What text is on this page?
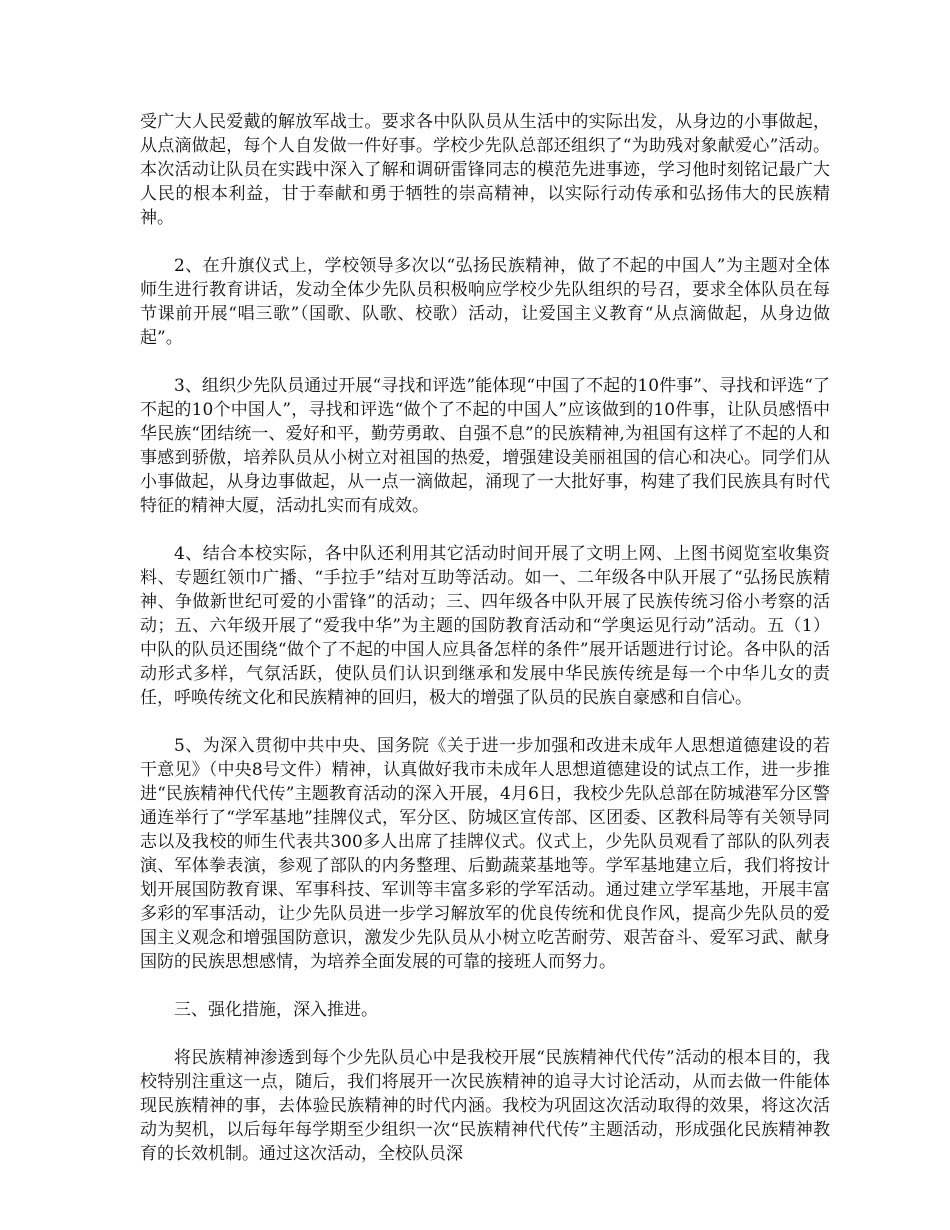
受广大人民爱戴的解放军战士。要求各中队队员从生活中的实际出发，从身边的小事做起，从点滴做起，每个人自发做一件好事。学校少先队总部还组织了“为助残对象献爱心”活动。本次活动让队员在实践中深入了解和调研雷锋同志的模范先进事迹，学习他时刻铭记最广大人民的根本利益，甘于奉献和勇于牺牲的崇高精神，以实际行动传承和弘扬伟大的民族精神。

2、在升旗仪式上，学校领导多次以“弘扬民族精神，做了不起的中国人”为主题对全体师生进行教育讲话，发动全体少先队员积极响应学校少先队组织的号召，要求全体队员在每节课前开展“唱三歌”（国歌、队歌、校歌）活动，让爱国主义教育“从点滴做起，从身边做起”。

3、组织少先队员通过开展“寻找和评选”能体现“中国了不起的10件事”、寻找和评选“了不起的10个中国人”，寻找和评选“做个了不起的中国人”应该做到的10件事，让队员感悟中华民族“团结统一、爱好和平，勤劳勇敢、自强不息”的民族精神,为祖国有这样了不起的人和事感到骄傲，培养队员从小树立对祖国的热爱，增强建设美丽祖国的信心和决心。同学们从小事做起，从身边事做起，从一点一滴做起，涌现了一大批好事，构建了我们民族具有时代特征的精神大厦，活动扎实而有成效。

4、结合本校实际，各中队还利用其它活动时间开展了文明上网、上图书阅览室收集资料、专题红领巾广播、“手拉手”结对互助等活动。如一、二年级各中队开展了“弘扬民族精神、争做新世纪可爱的小雷锋”的活动；三、四年级各中队开展了民族传统习俗小考察的活动；五、六年级开展了“爱我中华”为主题的国防教育活动和“学奥运见行动”活动。五（1）中队的队员还围绕“做个了不起的中国人应具备怎样的条件”展开话题进行讨论。各中队的活动形式多样，气氛活跃，使队员们认识到继承和发展中华民族传统是每一个中华儿女的责任，呼唤传统文化和民族精神的回归，极大的增强了队员的民族自豪感和自信心。

5、为深入贯彻中共中央、国务院《关于进一步加强和改进未成年人思想道德建设的若干意见》（中央8号文件）精神，认真做好我市未成年人思想道德建设的试点工作，进一步推进“民族精神代代传”主题教育活动的深入开展，4月6日，我校少先队总部在防城港军分区警通连举行了“学军基地”挂牌仪式，军分区、防城区宣传部、区团委、区教科局等有关领导同志以及我校的师生代表共300多人出席了挂牌仪式。仪式上，少先队员观看了部队的队列表演、军体拳表演，参观了部队的内务整理、后勤蔬菜基地等。学军基地建立后，我们将按计划开展国防教育课、军事科技、军训等丰富多彩的学军活动。通过建立学军基地，开展丰富多彩的军事活动，让少先队员进一步学习解放军的优良传统和优良作风，提高少先队员的爱国主义观念和增强国防意识，激发少先队员从小树立吃苦耐劳、艰苦奋斗、爱军习武、献身国防的民族思想感情，为培养全面发展的可靠的接班人而努力。

三、强化措施，深入推进。

将民族精神渗透到每个少先队员心中是我校开展“民族精神代代传”活动的根本目的，我校特别注重这一点，随后，我们将展开一次民族精神的追寻大讨论活动，从而去做一件能体现民族精神的事，去体验民族精神的时代内涵。我校为巩固这次活动取得的效果，将这次活动为契机，以后每年每学期至少组织一次“民族精神代代传”主题活动，形成强化民族精神教育的长效机制。通过这次活动，全校队员深
